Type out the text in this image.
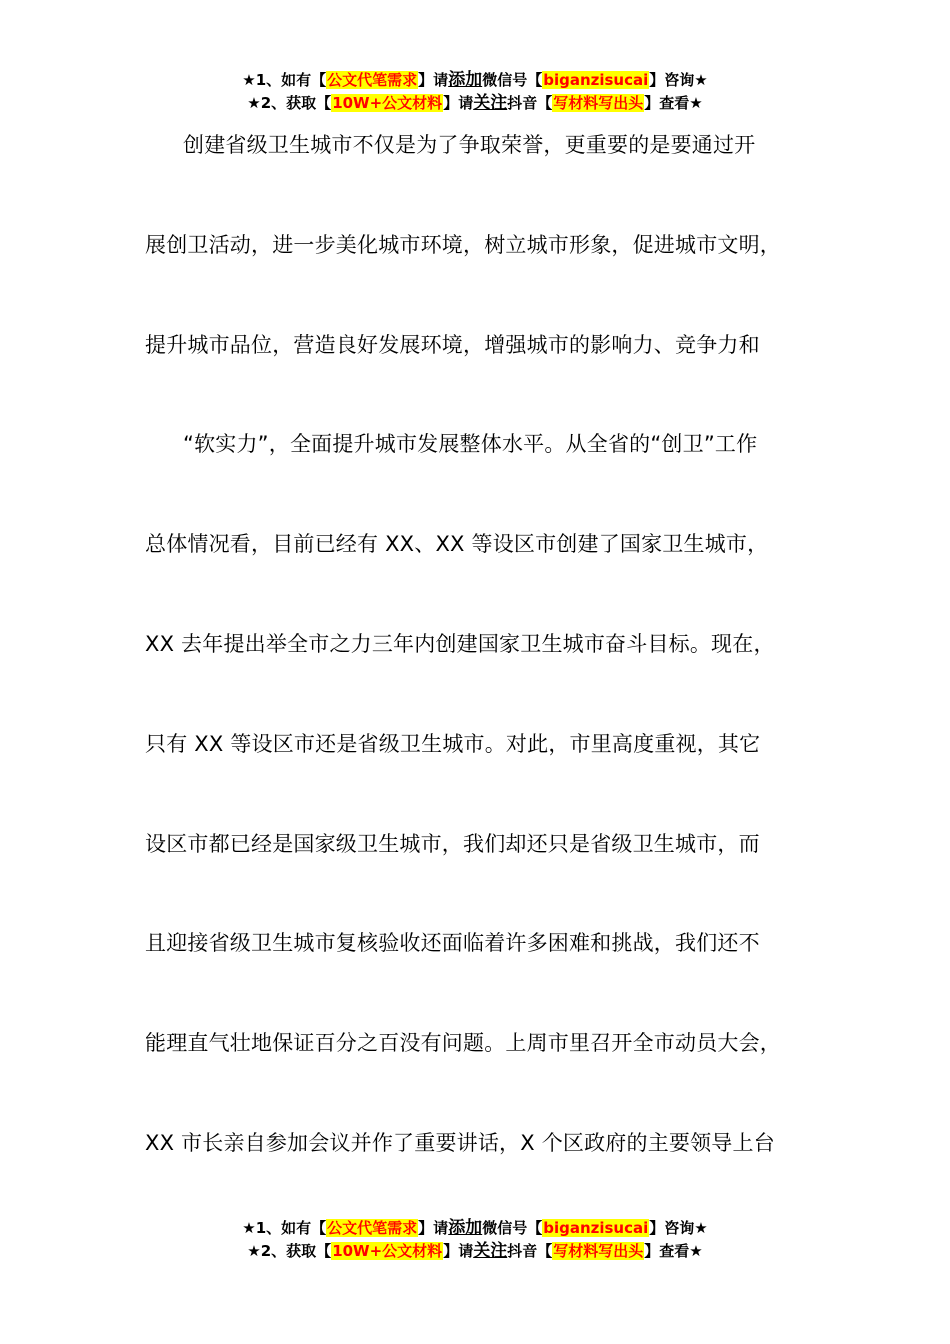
★1、如有【公文代笔需求】请添加微信号【biganzisucai】咨询★
★2、获取【10W+公文材料】请关注抖音【写材料写出头】查看★
创建省级卫生城市不仅是为了争取荣誉，更重要的是要通过开
展创卫活动，进一步美化城市环境，树立城市形象，促进城市文明，
提升城市品位，营造良好发展环境，增强城市的影响力、竞争力和
“软实力”，全面提升城市发展整体水平。从全省的“创卫”工作
总体情况看，目前已经有 XX、XX 等设区市创建了国家卫生城市，
XX 去年提出举全市之力三年内创建国家卫生城市奋斗目标。现在，
只有 XX 等设区市还是省级卫生城市。对此，市里高度重视，其它
设区市都已经是国家级卫生城市，我们却还只是省级卫生城市，而
且迎接省级卫生城市复核验收还面临着许多困难和挑战，我们还不
能理直气壮地保证百分之百没有问题。上周市里召开全市动员大会，
XX 市长亲自参加会议并作了重要讲话，X 个区政府的主要领导上台
★1、如有【公文代笔需求】请添加微信号【biganzisucai】咨询★
★2、获取【10W+公文材料】请关注抖音【写材料写出头】查看★
